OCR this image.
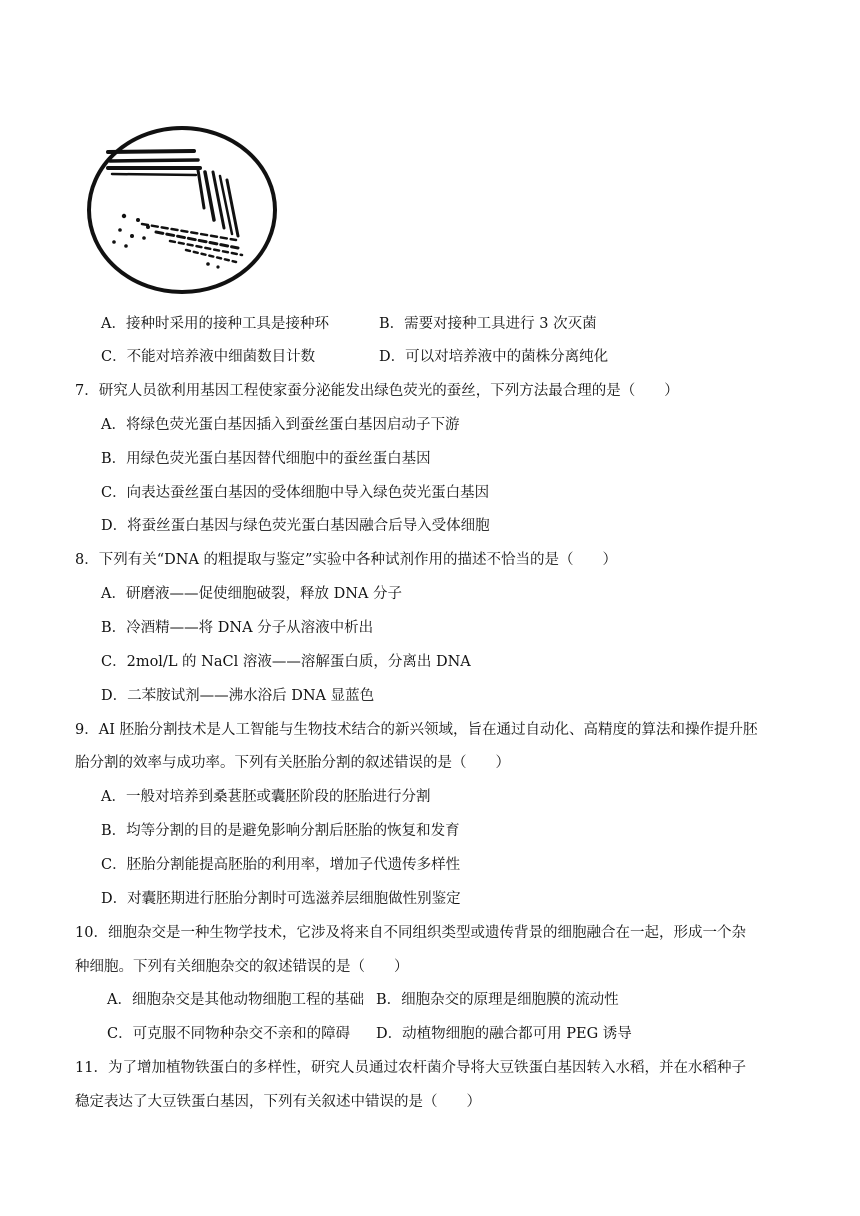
A．接种时采用的接种工具是接种环	B．需要对接种工具进行 3 次灭菌
C．不能对培养液中细菌数目计数	D．可以对培养液中的菌株分离纯化
7．研究人员欲利用基因工程使家蚕分泌能发出绿色荧光的蚕丝，下列方法最合理的是（　　）
A．将绿色荧光蛋白基因插入到蚕丝蛋白基因启动子下游
B．用绿色荧光蛋白基因替代细胞中的蚕丝蛋白基因
C．向表达蚕丝蛋白基因的受体细胞中导入绿色荧光蛋白基因
D．将蚕丝蛋白基因与绿色荧光蛋白基因融合后导入受体细胞
8．下列有关“DNA 的粗提取与鉴定”实验中各种试剂作用的描述不恰当的是（　　）
A．研磨液——促使细胞破裂，释放 DNA 分子
B．冷酒精——将 DNA 分子从溶液中析出
C．2mol/L 的 NaCl 溶液——溶解蛋白质，分离出 DNA
D．二苯胺试剂——沸水浴后 DNA 显蓝色
9．AI 胚胎分割技术是人工智能与生物技术结合的新兴领域，旨在通过自动化、高精度的算法和操作提升胚
胎分割的效率与成功率。下列有关胚胎分割的叙述错误的是（　　）
A．一般对培养到桑葚胚或囊胚阶段的胚胎进行分割
B．均等分割的目的是避免影响分割后胚胎的恢复和发育
C．胚胎分割能提高胚胎的利用率，增加子代遗传多样性
D．对囊胚期进行胚胎分割时可选滋养层细胞做性别鉴定
10．细胞杂交是一种生物学技术，它涉及将来自不同组织类型或遗传背景的细胞融合在一起，形成一个杂
种细胞。下列有关细胞杂交的叙述错误的是（　　）
A．细胞杂交是其他动物细胞工程的基础 B．细胞杂交的原理是细胞膜的流动性
C．可克服不同物种杂交不亲和的障碍 D．动植物细胞的融合都可用 PEG 诱导
11．为了增加植物铁蛋白的多样性，研究人员通过农杆菌介导将大豆铁蛋白基因转入水稻，并在水稻种子
稳定表达了大豆铁蛋白基因，下列有关叙述中错误的是（　　）
